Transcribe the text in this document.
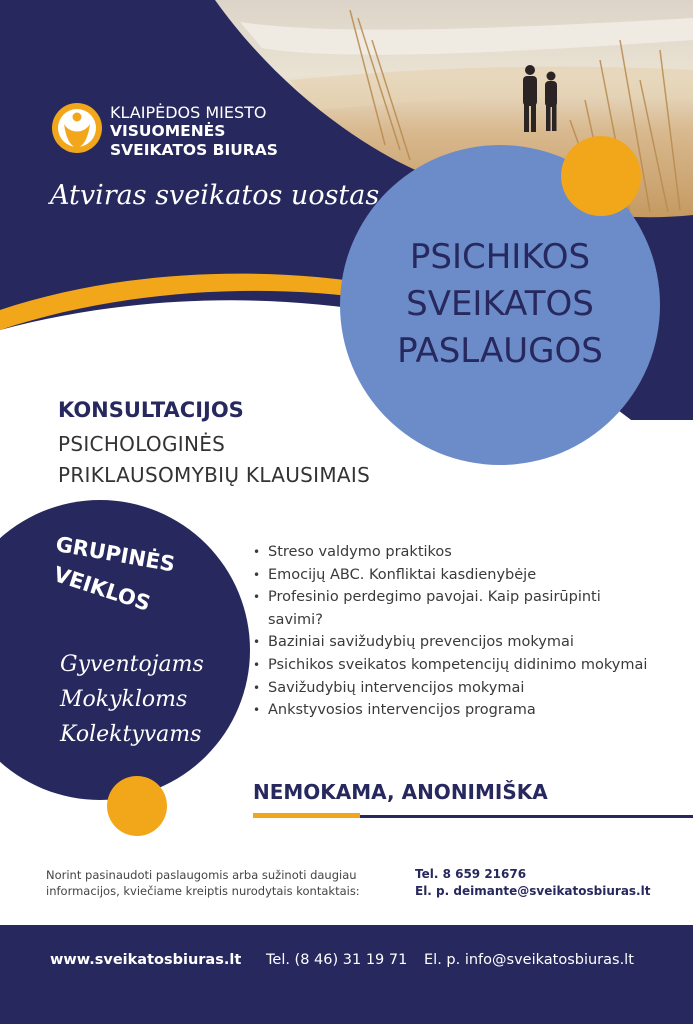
KLAIPĖDOS MIESTO
VISUOMENĖS
SVEIKATOS BIURAS
Atviras sveikatos uostas
PSICHIKOS
SVEIKATOS
PASLAUGOS
KONSULTACIJOS
PSICHOLOGINĖS
PRIKLAUSOMYBIŲ KLAUSIMAIS
GRUPINĖS
VEIKLOS
Gyventojams
Mokykloms
Kolektyvams
• Streso valdymo praktikos
• Emocijų ABC. Konfliktai kasdienybėje
• Profesinio perdegimo pavojai. Kaip pasirūpinti savimi?
• Baziniai savižudybių prevencijos mokymai
• Psichikos sveikatos kompetencijų didinimo mokymai
• Savižudybių intervencijos mokymai
• Ankstyvosios intervencijos programa
NEMOKAMA, ANONIMIŠKA
Norint pasinaudoti paslaugomis arba sužinoti daugiau
informacijos, kviečiame kreiptis nurodytais kontaktais:
Tel. 8 659 21676
El. p. deimante@sveikatosbiuras.lt
www.sveikatosbiuras.lt Tel. (8 46) 31 19 71 El. p. info@sveikatosbiuras.lt
